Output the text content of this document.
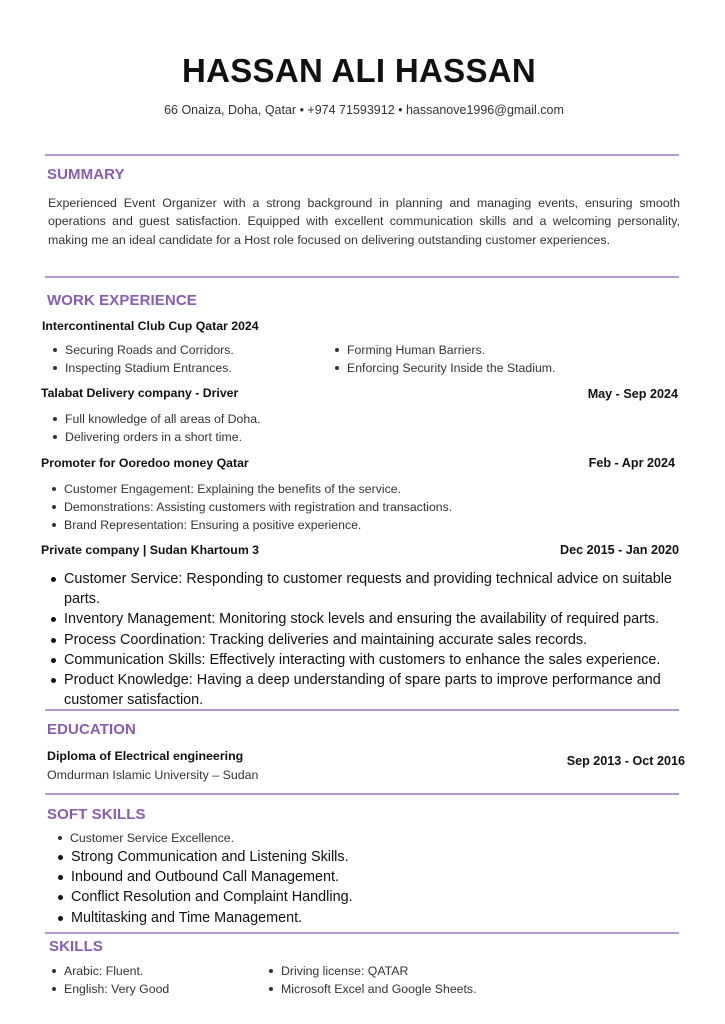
HASSAN ALI HASSAN
66 Onaiza, Doha, Qatar • +974 71593912 • hassanove1996@gmail.com
SUMMARY

Experienced Event Organizer with a strong background in planning and managing events, ensuring smooth operations and guest satisfaction. Equipped with excellent communication skills and a welcoming personality, making me an ideal candidate for a Host role focused on delivering outstanding customer experiences.

WORK EXPERIENCE
Intercontinental Club Cup Qatar 2024
Securing Roads and Corridors.
Inspecting Stadium Entrances.
Forming Human Barriers.
Enforcing Security Inside the Stadium.
Talabat Delivery company - Driver	May - Sep 2024
Full knowledge of all areas of Doha.
Delivering orders in a short time.
Promoter for Ooredoo money Qatar	Feb - Apr 2024
Customer Engagement: Explaining the benefits of the service.
Demonstrations: Assisting customers with registration and transactions.
Brand Representation: Ensuring a positive experience.
Private company | Sudan Khartoum 3	Dec 2015 - Jan 2020
Customer Service: Responding to customer requests and providing technical advice on suitable parts.
Inventory Management: Monitoring stock levels and ensuring the availability of required parts.
Process Coordination: Tracking deliveries and maintaining accurate sales records.
Communication Skills: Effectively interacting with customers to enhance the sales experience.
Product Knowledge: Having a deep understanding of spare parts to improve performance and customer satisfaction.
EDUCATION
Diploma of Electrical engineering
Omdurman Islamic University – Sudan
Sep 2013 - Oct 2016
SOFT SKILLS
Customer Service Excellence.
Strong Communication and Listening Skills.
Inbound and Outbound Call Management.
Conflict Resolution and Complaint Handling.
Multitasking and Time Management.
SKILLS
Arabic: Fluent.
English: Very Good
Driving license: QATAR
Microsoft Excel and Google Sheets.
